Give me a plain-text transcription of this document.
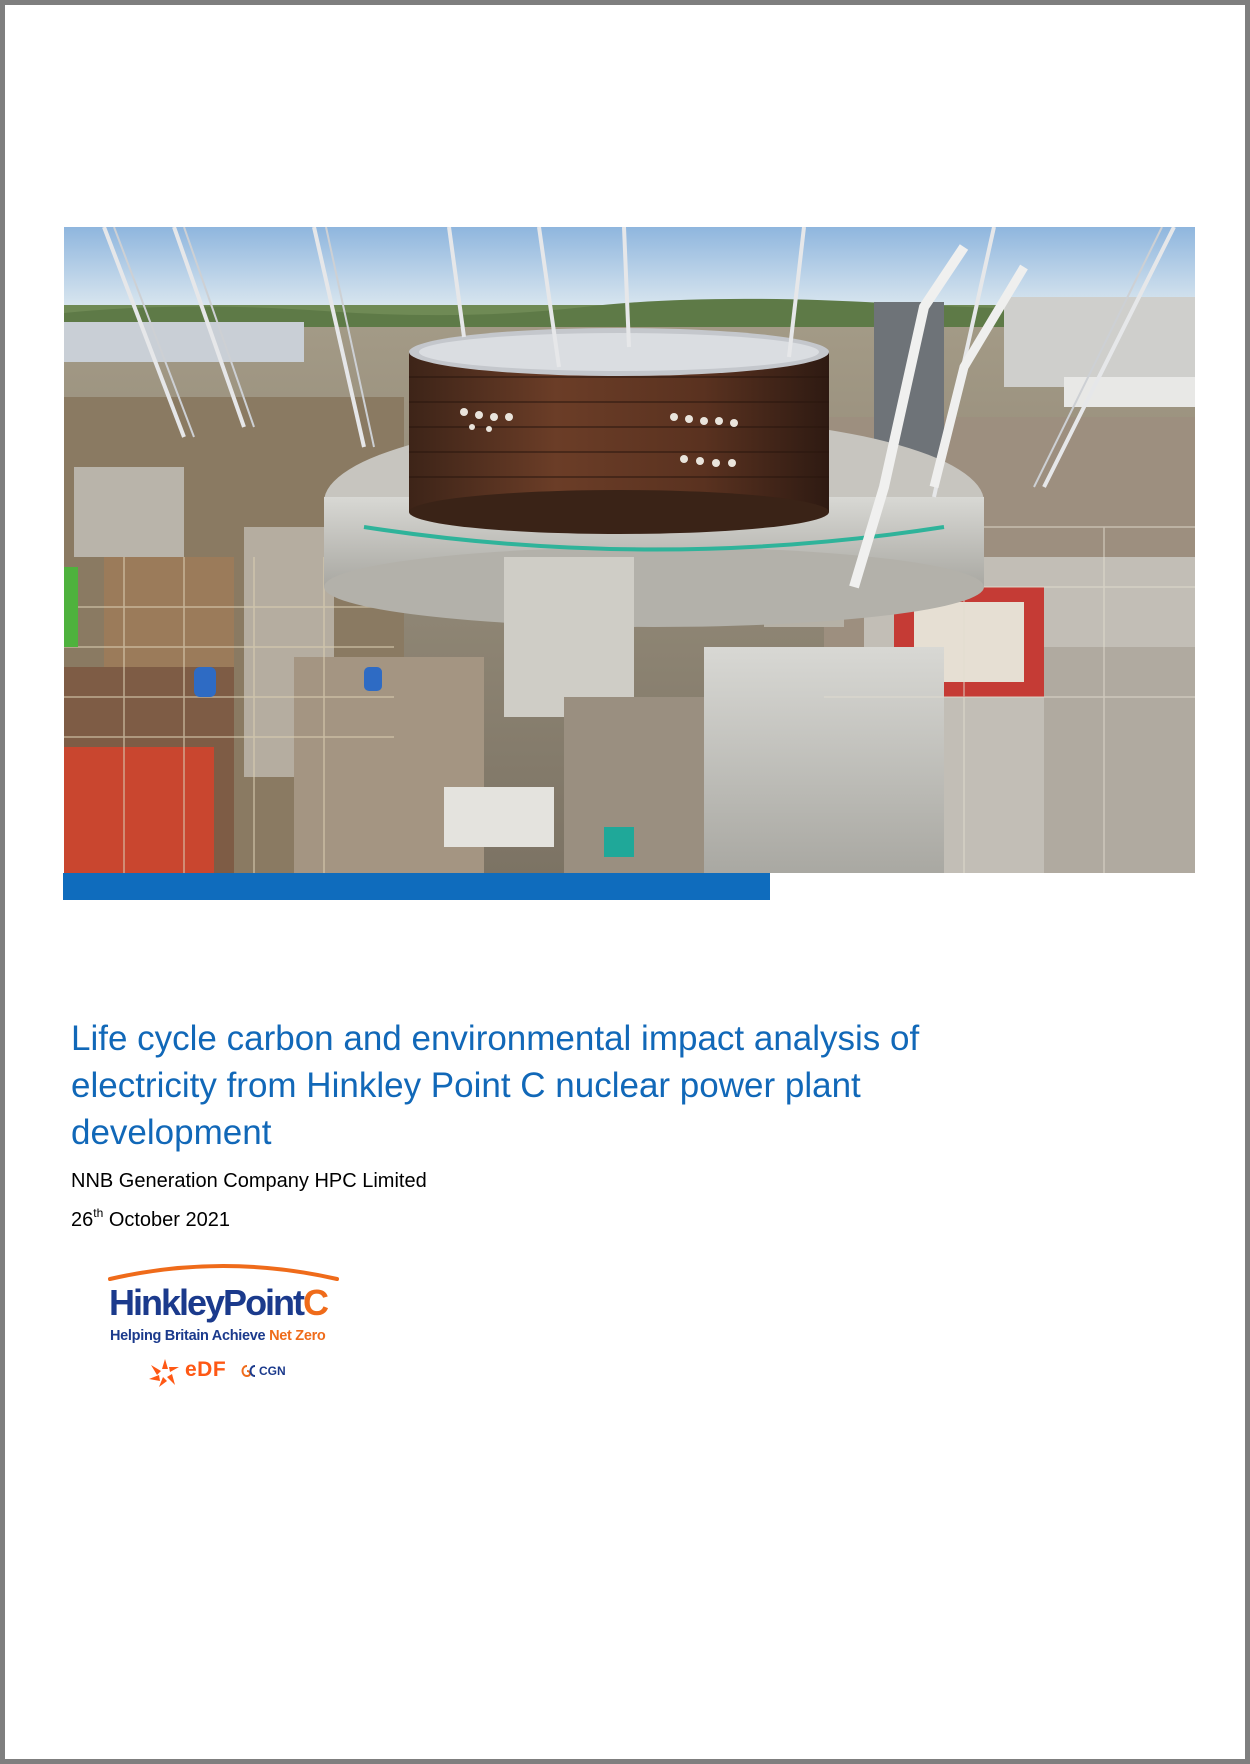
Life cycle carbon and environmental impact analysis of electricity from Hinkley Point C nuclear power plant development

NNB Generation Company HPC Limited

26th October 2021

HinkleyPointC
Helping Britain Achieve Net Zero
eDF	CGN
